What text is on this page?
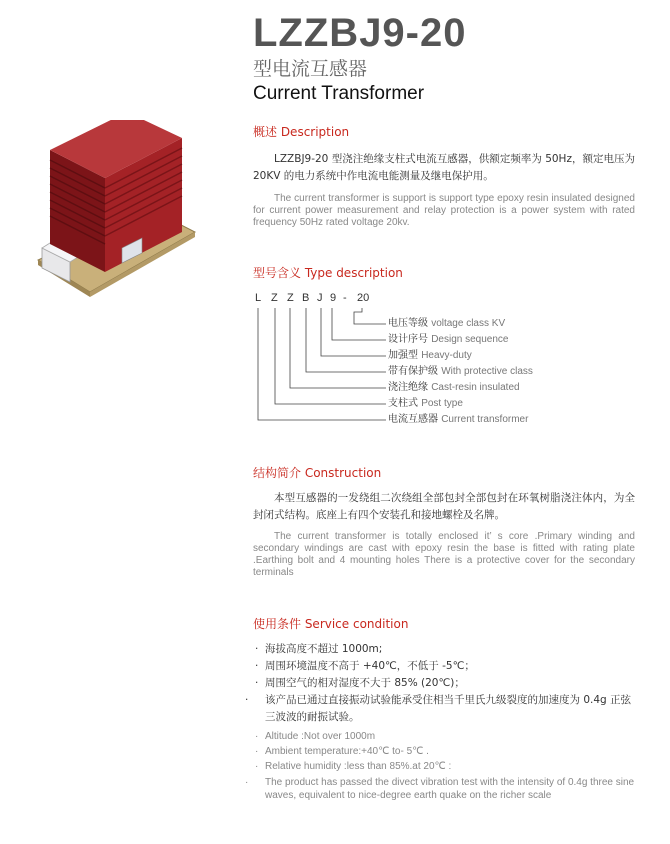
LZZBJ9-20
型电流互感器
Current Transformer
概述 Description
LZZBJ9-20 型浇注绝缘支柱式电流互感器，供额定频率为 50Hz，额定电压为20KV 的电力系统中作电流电能测量及继电保护用。
The current transformer is support is support type epoxy resin insulated designed for current power measurement and relay protection is a power system with rated frequency 50Hz rated voltage 20kv.
型号含义 Type description
L Z Z B J 9 - 20
电压等级 voltage class KV
设计序号 Design sequence
加强型 Heavy-duty
带有保护级 With protective class
浇注绝缘 Cast-resin insulated
支柱式 Post type
电流互感器 Current transformer
结构简介 Construction
本型互感器的一发绕组二次绕组全部包封全部包封在环氧树脂浇注体内，为全封闭式结构。底座上有四个安装孔和接地螺栓及名牌。
The current transformer is totally enclosed it’ s core .Primary winding and secondary windings are cast with epoxy resin the base is fitted with rating plate .Earthing bolt and 4 mounting holes There is a protective cover for the secondary terminals
使用条件 Service condition
· 海拔高度不超过 1000m;
· 周围环境温度不高于 +40℃，不低于 -5℃；
· 周围空气的相对湿度不大于 85% (20℃)；
· 该产品已通过直接振动试验能承受住相当千里氏九级裂度的加速度为 0.4g 正弦三波波的耐振试验。
· Altitude :Not over 1000m
· Ambient temperature:+40℃ to- 5℃ .
· Relative humidity :less than 85%.at 20℃ :
· The product has passed the divect vibration test with the intensity of 0.4g three sine waves, equivalent to nice-degree earth quake on the richer scale
